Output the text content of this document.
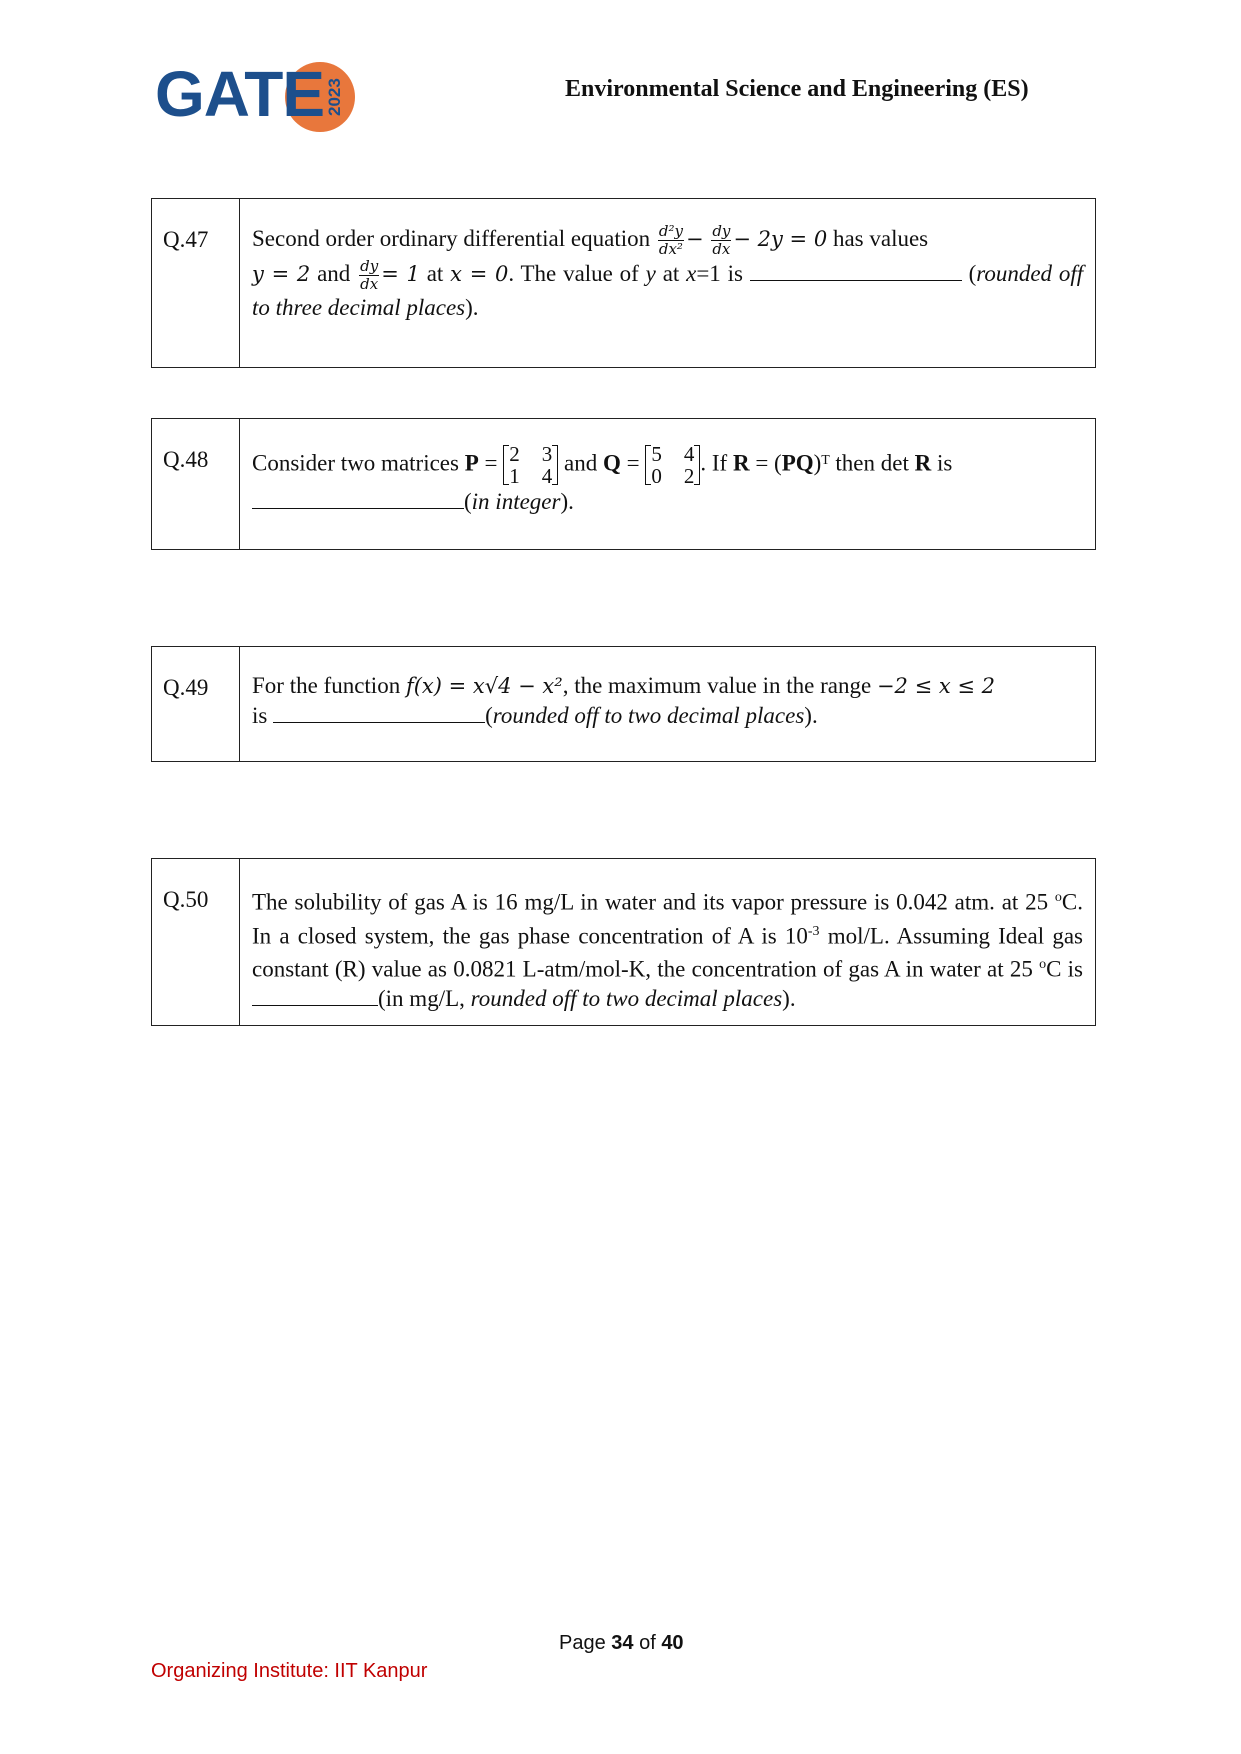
GATE 2023	Environmental Science and Engineering (ES)
Q.47	Second order ordinary differential equation $\frac{\text{d²y}}{\text{dx²}} - \frac{dy}{dx} - 2y = 0$ has values
y = 2 and $\frac{dy}{dx} = 1$ at x = 0. The value of y at x=1 is	(rounded off to three decimal places).
Q.48	Consider two matrices P = 2 3
1 4
and Q = 5 4
0 2
. If R = (PQ)ᵀ then det R is
(in integer).
Q.49	For the function f(x) = x√4 − x², the maximum value in the range −2 ≤ x ≤ 2
is	(rounded off to two decimal places).
Q.50	The solubility of gas A is 16 mg/L in water and its vapor pressure is 0.042 atm. at 25 $^o$C. In a closed system, the gas phase concentration of A is $10^{-3}$ mol/L. Assuming Ideal gas constant (R) value as 0.0821 L-atm/mol-K, the concentration of gas A in water at 25 $^o$C is (in mg/L, rounded off to two decimal places).
Page 34 of 40
Organizing Institute: IIT Kanpur
